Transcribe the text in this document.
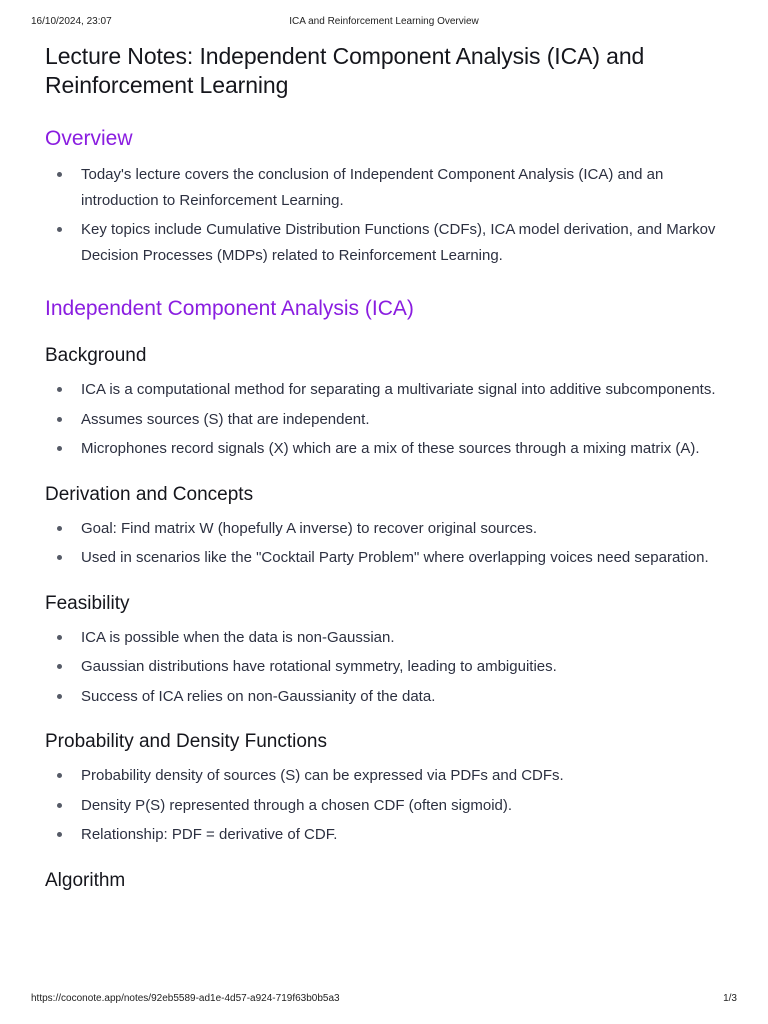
16/10/2024, 23:07	ICA and Reinforcement Learning Overview
Lecture Notes: Independent Component Analysis (ICA) and Reinforcement Learning
Overview
Today's lecture covers the conclusion of Independent Component Analysis (ICA) and an introduction to Reinforcement Learning.
Key topics include Cumulative Distribution Functions (CDFs), ICA model derivation, and Markov Decision Processes (MDPs) related to Reinforcement Learning.
Independent Component Analysis (ICA)
Background
ICA is a computational method for separating a multivariate signal into additive subcomponents.
Assumes sources (S) that are independent.
Microphones record signals (X) which are a mix of these sources through a mixing matrix (A).
Derivation and Concepts
Goal: Find matrix W (hopefully A inverse) to recover original sources.
Used in scenarios like the "Cocktail Party Problem" where overlapping voices need separation.
Feasibility
ICA is possible when the data is non-Gaussian.
Gaussian distributions have rotational symmetry, leading to ambiguities.
Success of ICA relies on non-Gaussianity of the data.
Probability and Density Functions
Probability density of sources (S) can be expressed via PDFs and CDFs.
Density P(S) represented through a chosen CDF (often sigmoid).
Relationship: PDF = derivative of CDF.
Algorithm
https://coconote.app/notes/92eb5589-ad1e-4d57-a924-719f63b0b5a3	1/3
